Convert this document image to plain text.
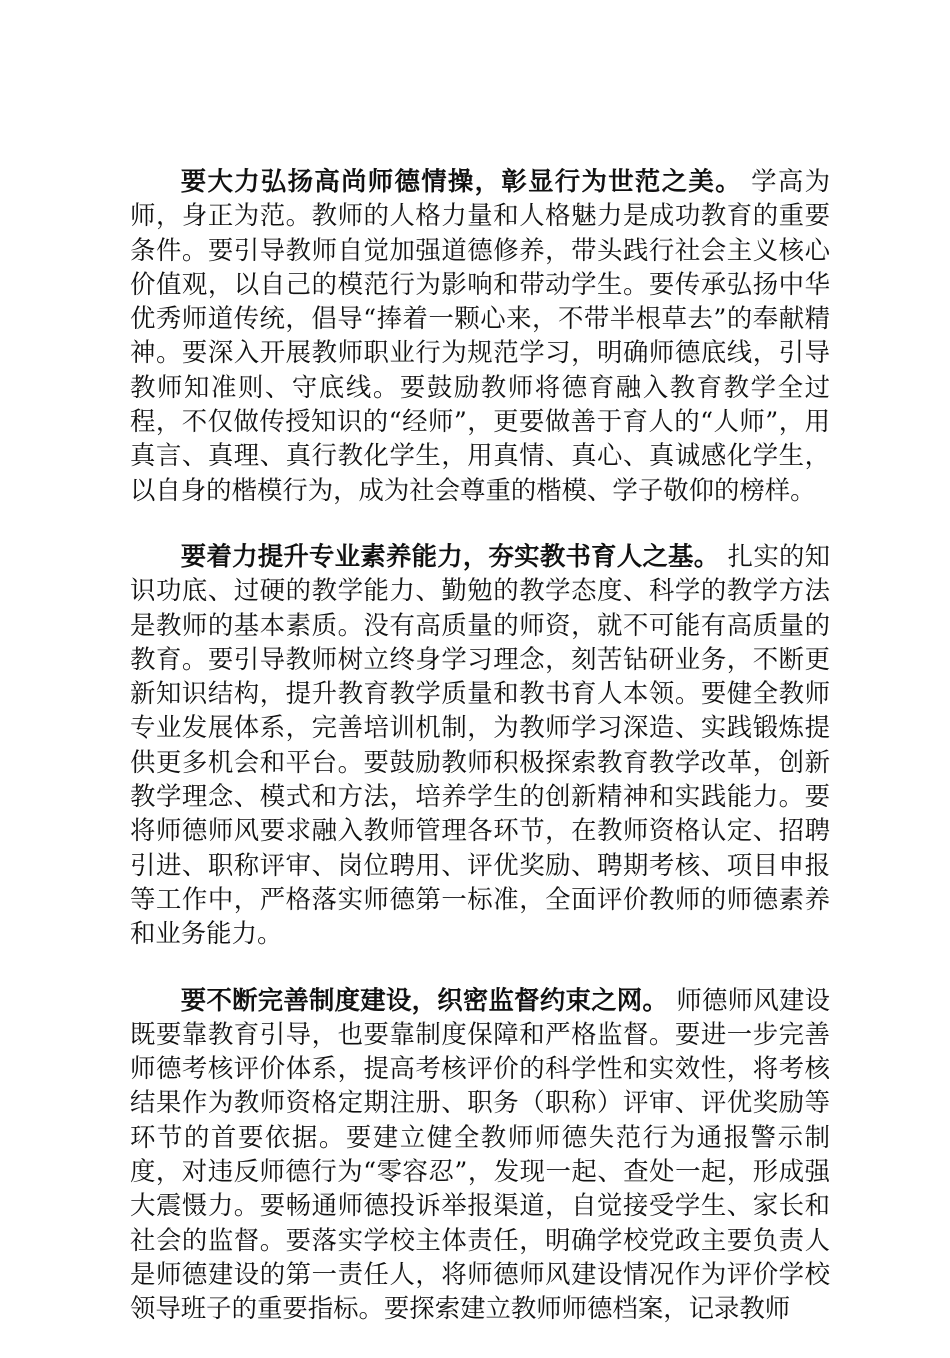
要大力弘扬高尚师德情操，彰显行为世范之美。 学高为师，身正为范。教师的人格力量和人格魅力是成功教育的重要条件。要引导教师自觉加强道德修养，带头践行社会主义核心价值观，以自己的模范行为影响和带动学生。要传承弘扬中华优秀师道传统，倡导“捧着一颗心来，不带半根草去”的奉献精神。要深入开展教师职业行为规范学习，明确师德底线，引导教师知准则、守底线。要鼓励教师将德育融入教育教学全过程，不仅做传授知识的“经师”，更要做善于育人的“人师”，用真言、真理、真行教化学生，用真情、真心、真诚感化学生，以自身的楷模行为，成为社会尊重的楷模、学子敬仰的榜样。

要着力提升专业素养能力，夯实教书育人之基。 扎实的知识功底、过硬的教学能力、勤勉的教学态度、科学的教学方法是教师的基本素质。没有高质量的师资，就不可能有高质量的教育。要引导教师树立终身学习理念，刻苦钻研业务，不断更新知识结构，提升教育教学质量和教书育人本领。要健全教师专业发展体系，完善培训机制，为教师学习深造、实践锻炼提供更多机会和平台。要鼓励教师积极探索教育教学改革，创新教学理念、模式和方法，培养学生的创新精神和实践能力。要将师德师风要求融入教师管理各环节，在教师资格认定、招聘引进、职称评审、岗位聘用、评优奖励、聘期考核、项目申报等工作中，严格落实师德第一标准，全面评价教师的师德素养和业务能力。

要不断完善制度建设，织密监督约束之网。 师德师风建设既要靠教育引导，也要靠制度保障和严格监督。要进一步完善师德考核评价体系，提高考核评价的科学性和实效性，将考核结果作为教师资格定期注册、职务（职称）评审、评优奖励等环节的首要依据。要建立健全教师师德失范行为通报警示制度，对违反师德行为“零容忍”，发现一起、查处一起，形成强大震慑力。要畅通师德投诉举报渠道，自觉接受学生、家长和社会的监督。要落实学校主体责任，明确学校党政主要负责人是师德建设的第一责任人，将师德师风建设情况作为评价学校领导班子的重要指标。要探索建立教师师德档案，记录教师
